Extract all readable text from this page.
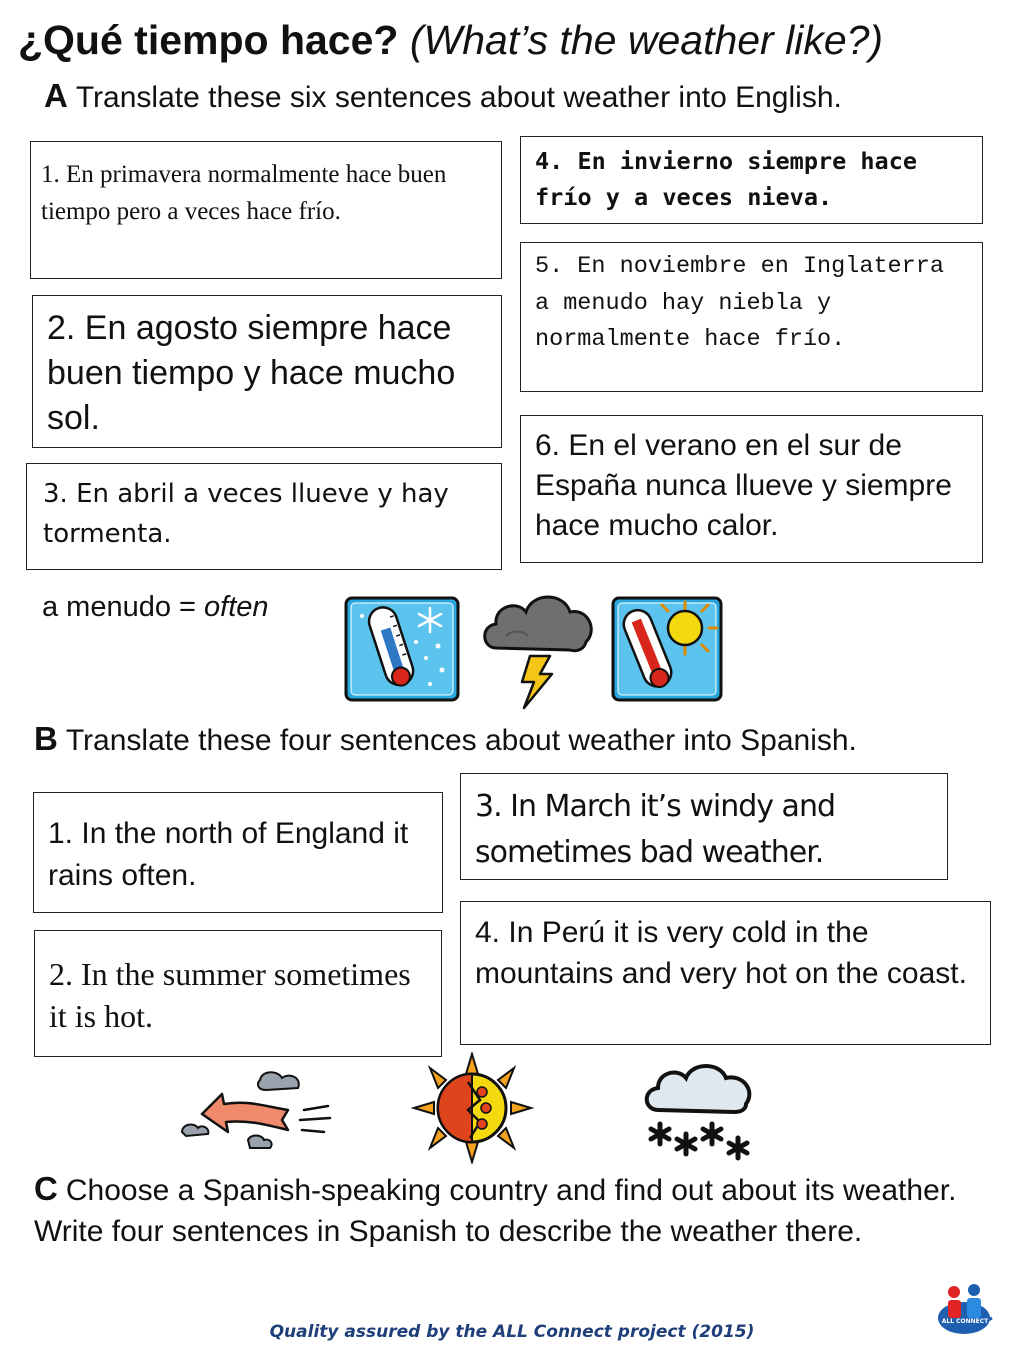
¿Qué tiempo hace? (What’s the weather like?)
A Translate these six sentences about weather into English.
1. En primavera normalmente hace buen tiempo pero a veces hace frío.
2. En agosto siempre hace buen tiempo y hace mucho sol.
3. En abril a veces llueve y hay tormenta.
4. En invierno siempre hace frío y a veces nieva.
5. En noviembre en Inglaterra a menudo hay niebla y normalmente hace frío.
6. En el verano en el sur de España nunca llueve y siempre hace mucho calor.
a menudo = often
B Translate these four sentences about weather into Spanish.
1. In the north of England it rains often.
2. In the summer sometimes it is hot.
3. In March it’s windy and sometimes bad weather.
4. In Perú it is very cold in the mountains and very hot on the coast.
C Choose a Spanish-speaking country and find out about its weather. Write four sentences in Spanish to describe the weather there.
ALL CONNECT
Quality assured by the ALL Connect project (2015)
